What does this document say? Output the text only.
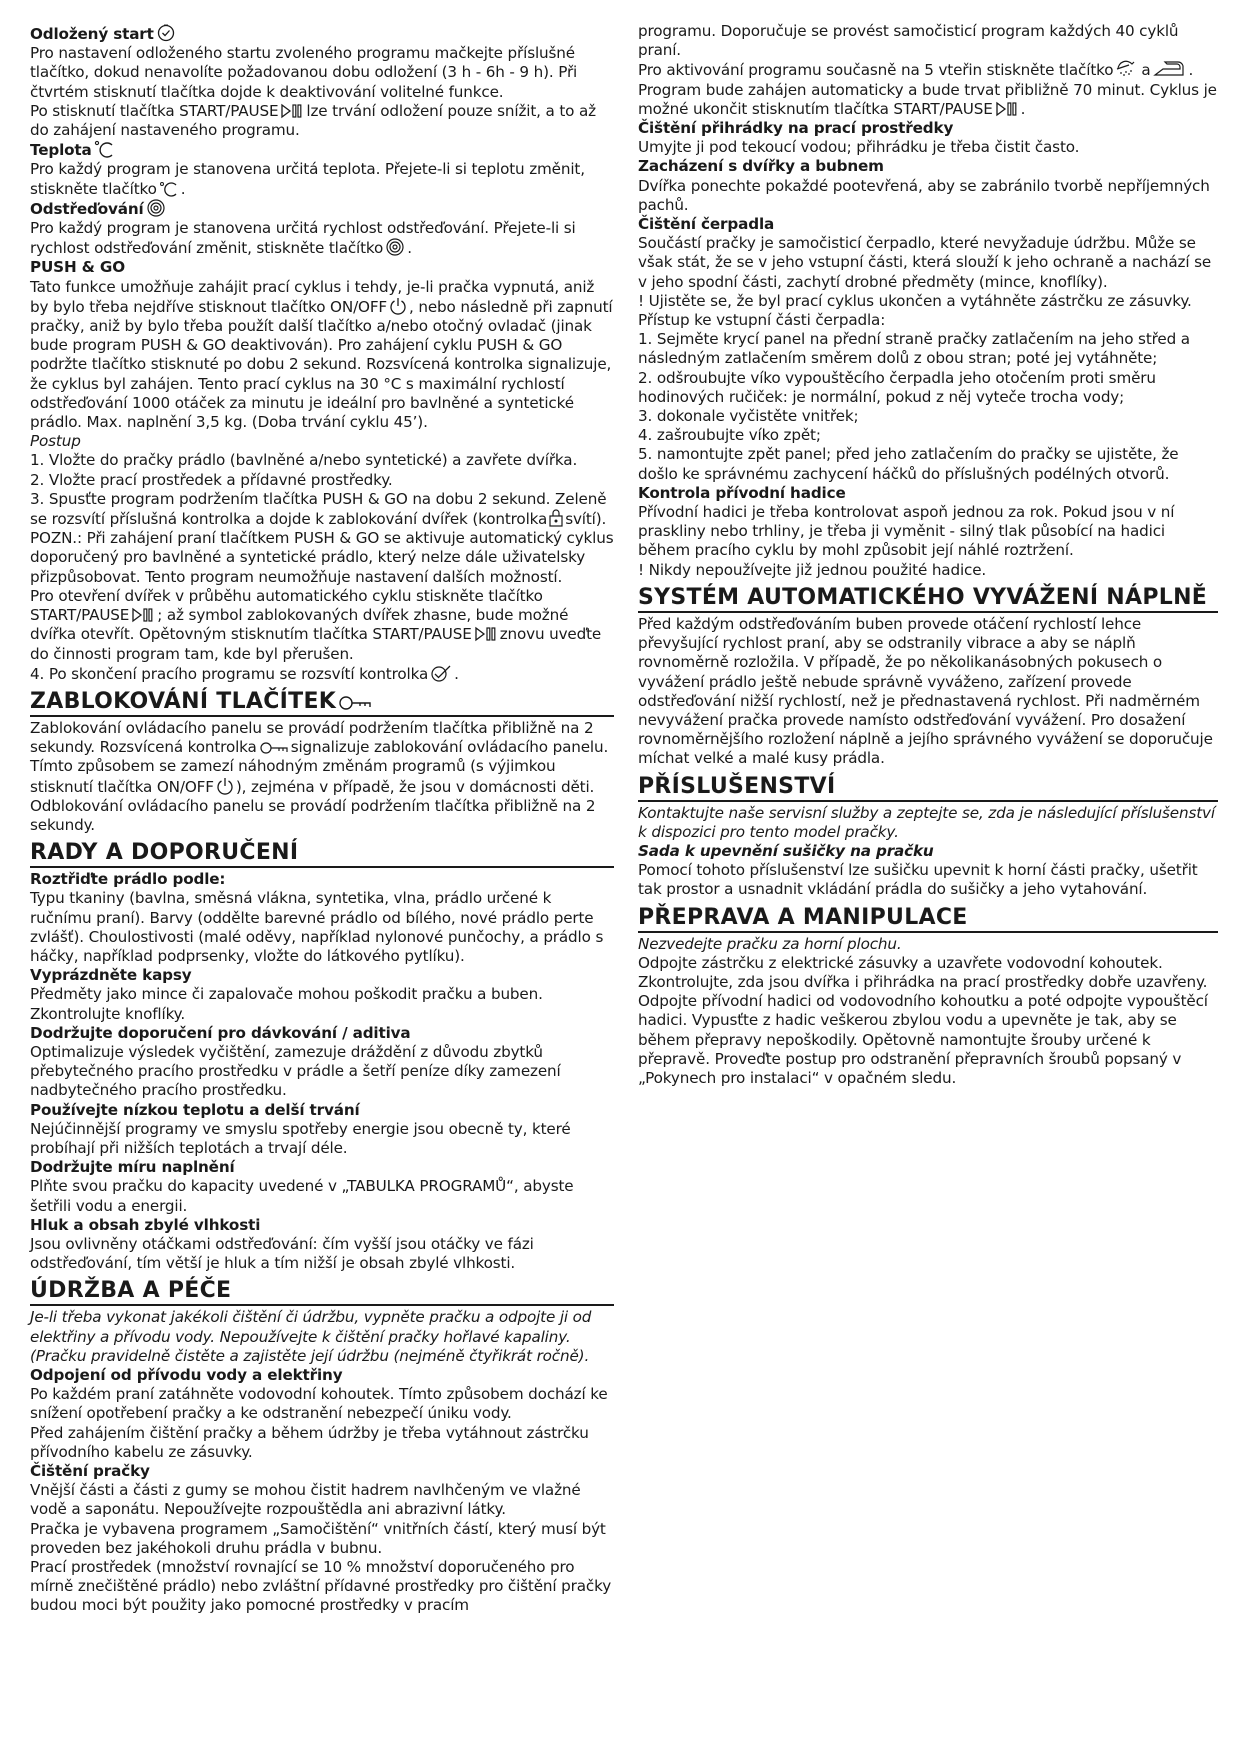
Odložený start

Pro nastavení odloženého startu zvoleného programu mačkejte příslušné tlačítko, dokud nenavolíte požadovanou dobu odložení (3 h - 6h - 9 h). Při čtvrtém stisknutí tlačítka dojde k deaktivování volitelné funkce.

Po stisknutí tlačítka START/PAUSE lze trvání odložení pouze snížit, a to až do zahájení nastaveného programu.

Teplota

Pro každý program je stanovena určitá teplota. Přejete-li si teplotu změnit, stiskněte tlačítko .

Odstřeďování

Pro každý program je stanovena určitá rychlost odstřeďování. Přejete-li si rychlost odstřeďování změnit, stiskněte tlačítko .

PUSH & GO

Tato funkce umožňuje zahájit prací cyklus i tehdy, je-li pračka vypnutá, aniž by bylo třeba nejdříve stisknout tlačítko ON/OFF , nebo následně při zapnutí pračky, aniž by bylo třeba použít další tlačítko a/nebo otočný ovladač (jinak bude program PUSH & GO deaktivován). Pro zahájení cyklu PUSH & GO podržte tlačítko stisknuté po dobu 2 sekund. Rozsvícená kontrolka signalizuje, že cyklus byl zahájen. Tento prací cyklus na 30 °C s maximální rychlostí odstřeďování 1000 otáček za minutu je ideální pro bavlněné a syntetické prádlo. Max. naplnění 3,5 kg. (Doba trvání cyklu 45’).

Postup

1. Vložte do pračky prádlo (bavlněné a/nebo syntetické) a zavřete dvířka.

2. Vložte prací prostředek a přídavné prostředky.

3. Spusťte program podržením tlačítka PUSH & GO na dobu 2 sekund. Zeleně se rozsvítí příslušná kontrolka a dojde k zablokování dvířek (kontrolka svítí).

POZN.: Při zahájení praní tlačítkem PUSH & GO se aktivuje automatický cyklus doporučený pro bavlněné a syntetické prádlo, který nelze dále uživatelsky přizpůsobovat. Tento program neumožňuje nastavení dalších možností.

Pro otevření dvířek v průběhu automatického cyklu stiskněte tlačítko START/PAUSE ; až symbol zablokovaných dvířek zhasne, bude možné dvířka otevřít. Opětovným stisknutím tlačítka START/PAUSE znovu uveďte do činnosti program tam, kde byl přerušen.

4. Po skončení pracího programu se rozsvítí kontrolka .

ZABLOKOVÁNÍ TLAČÍTEK

Zablokování ovládacího panelu se provádí podržením tlačítka přibližně na 2 sekundy. Rozsvícená kontrolka signalizuje zablokování ovládacího panelu. Tímto způsobem se zamezí náhodným změnám programů (s výjimkou stisknutí tlačítka ON/OFF ), zejména v případě, že jsou v domácnosti děti. Odblokování ovládacího panelu se provádí podržením tlačítka přibližně na 2 sekundy.

RADY A DOPORUČENÍ
Roztřiďte prádlo podle:

Typu tkaniny (bavlna, směsná vlákna, syntetika, vlna, prádlo určené k ručnímu praní). Barvy (oddělte barevné prádlo od bílého, nové prádlo perte zvlášť). Choulostivosti (malé oděvy, například nylonové punčochy, a prádlo s háčky, například podprsenky, vložte do látkového pytlíku).

Vyprázdněte kapsy

Předměty jako mince či zapalovače mohou poškodit pračku a buben. Zkontrolujte knoflíky.

Dodržujte doporučení pro dávkování / aditiva

Optimalizuje výsledek vyčištění, zamezuje dráždění z důvodu zbytků přebytečného pracího prostředku v prádle a šetří peníze díky zamezení nadbytečného pracího prostředku.

Používejte nízkou teplotu a delší trvání

Nejúčinnější programy ve smyslu spotřeby energie jsou obecně ty, které probíhají při nižších teplotách a trvají déle.

Dodržujte míru naplnění

Plňte svou pračku do kapacity uvedené v „TABULKA PROGRAMŮ“, abyste šetřili vodu a energii.

Hluk a obsah zbylé vlhkosti

Jsou ovlivněny otáčkami odstřeďování: čím vyšší jsou otáčky ve fázi odstřeďování, tím větší je hluk a tím nižší je obsah zbylé vlhkosti.

ÚDRŽBA A PÉČE

Je-li třeba vykonat jakékoli čištění či údržbu, vypněte pračku a odpojte ji od elektřiny a přívodu vody. Nepoužívejte k čištění pračky hořlavé kapaliny. (Pračku pravidelně čistěte a zajistěte její údržbu (nejméně čtyřikrát ročně).

Odpojení od přívodu vody a elektřiny

Po každém praní zatáhněte vodovodní kohoutek. Tímto způsobem dochází ke snížení opotřebení pračky a ke odstranění nebezpečí úniku vody.

Před zahájením čištění pračky a během údržby je třeba vytáhnout zástrčku přívodního kabelu ze zásuvky.

Čištění pračky

Vnější části a části z gumy se mohou čistit hadrem navlhčeným ve vlažné vodě a saponátu. Nepoužívejte rozpouštědla ani abrazivní látky.

Pračka je vybavena programem „Samočištění“ vnitřních částí, který musí být proveden bez jakéhokoli druhu prádla v bubnu.

Prací prostředek (množství rovnající se 10 % množství doporučeného pro mírně znečištěné prádlo) nebo zvláštní přídavné prostředky pro čištění pračky budou moci být použity jako pomocné prostředky v pracím

programu. Doporučuje se provést samočisticí program každých 40 cyklů praní.

Pro aktivování programu současně na 5 vteřin stiskněte tlačítko a	. Program bude zahájen automaticky a bude trvat přibližně 70 minut. Cyklus je možné ukončit stisknutím tlačítka START/PAUSE .

Čištění přihrádky na prací prostředky

Umyjte ji pod tekoucí vodou; přihrádku je třeba čistit často.

Zacházení s dvířky a bubnem

Dvířka ponechte pokaždé pootevřená, aby se zabránilo tvorbě nepříjemných pachů.

Čištění čerpadla

Součástí pračky je samočisticí čerpadlo, které nevyžaduje údržbu. Může se však stát, že se v jeho vstupní části, která slouží k jeho ochraně a nachází se v jeho spodní části, zachytí drobné předměty (mince, knoflíky).

! Ujistěte se, že byl prací cyklus ukončen a vytáhněte zástrčku ze zásuvky.

Přístup ke vstupní části čerpadla:

1. Sejměte krycí panel na přední straně pračky zatlačením na jeho střed a následným zatlačením směrem dolů z obou stran; poté jej vytáhněte;

2. odšroubujte víko vypouštěcího čerpadla jeho otočením proti směru hodinových ručiček: je normální, pokud z něj vyteče trocha vody;

3. dokonale vyčistěte vnitřek;

4. zašroubujte víko zpět;

5. namontujte zpět panel; před jeho zatlačením do pračky se ujistěte, že došlo ke správnému zachycení háčků do příslušných podélných otvorů.

Kontrola přívodní hadice

Přívodní hadici je třeba kontrolovat aspoň jednou za rok. Pokud jsou v ní praskliny nebo trhliny, je třeba ji vyměnit - silný tlak působící na hadici během pracího cyklu by mohl způsobit její náhlé roztržení.

! Nikdy nepoužívejte již jednou použité hadice.

SYSTÉM AUTOMATICKÉHO VYVÁŽENÍ NÁPLNĚ

Před každým odstřeďováním buben provede otáčení rychlostí lehce převyšující rychlost praní, aby se odstranily vibrace a aby se náplň rovnoměrně rozložila. V případě, že po několikanásobných pokusech o vyvážení prádlo ještě nebude správně vyváženo, zařízení provede odstřeďování nižší rychlostí, než je přednastavená rychlost. Při nadměrném nevyvážení pračka provede namísto odstřeďování vyvážení. Pro dosažení rovnoměrnějšího rozložení náplně a jejího správného vyvážení se doporučuje míchat velké a malé kusy prádla.

PŘÍSLUŠENSTVÍ

Kontaktujte naše servisní služby a zeptejte se, zda je následující příslušenství k dispozici pro tento model pračky.

Sada k upevnění sušičky na pračku

Pomocí tohoto příslušenství lze sušičku upevnit k horní části pračky, ušetřit tak prostor a usnadnit vkládání prádla do sušičky a jeho vytahování.

PŘEPRAVA A MANIPULACE

Nezvedejte pračku za horní plochu.

Odpojte zástrčku z elektrické zásuvky a uzavřete vodovodní kohoutek. Zkontrolujte, zda jsou dvířka i přihrádka na prací prostředky dobře uzavřeny. Odpojte přívodní hadici od vodovodního kohoutku a poté odpojte vypouštěcí hadici. Vypusťte z hadic veškerou zbylou vodu a upevněte je tak, aby se během přepravy nepoškodily. Opětovně namontujte šrouby určené k přepravě. Proveďte postup pro odstranění přepravních šroubů popsaný v „Pokynech pro instalaci“ v opačném sledu.
